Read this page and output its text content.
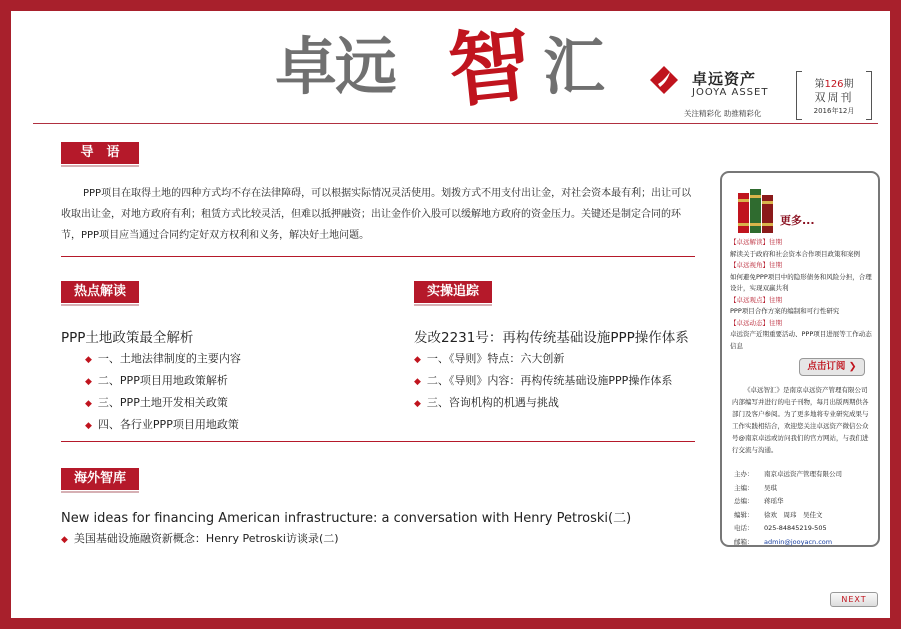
卓远 智 汇	卓远资产
JOOYA ASSET
关注精彩化 助推精彩化
第126期
双周刊
2016年12月
导　语

PPP项目在取得土地的四种方式均不存在法律障碍，可以根据实际情况灵活使用。划拨方式不用支付出让金，对社会资本最有利；出让可以收取出让金，对地方政府有利；租赁方式比较灵活，但难以抵押融资；出让金作价入股可以缓解地方政府的资金压力。关键还是制定合同的环节，PPP项目应当通过合同约定好双方权利和义务，解决好土地问题。

热点解读
PPP土地政策最全解析
◆ 一、土地法律制度的主要内容
◆ 二、PPP项目用地政策解析
◆ 三、PPP土地开发相关政策
◆ 四、各行业PPP项目用地政策
实操追踪
发改2231号：再构传统基础设施PPP操作体系
◆ 一、《导则》特点：六大创新
◆ 二、《导则》内容：再构传统基础设施PPP操作体系
◆ 三、咨询机构的机遇与挑战
海外智库
New ideas for financing American infrastructure: a conversation with Henry Petroski(二)
◆ 美国基础设施融资新概念：Henry Petroski访谈录(二)
更多...
【卓远解读】往期
解读关于政府和社会资本合作项目政策和案例
【卓远视角】往期
如何避免PPP项目中的隐形债务和风险分担，合理设计，实现双赢共利
【卓远观点】往期
PPP项目合作方案的编制和可行性研究
【卓远动态】往期
卓远资产近期重要活动、PPP项目进展等工作动态信息
点击订阅 ❯
《卓远智汇》是南京卓远资产管理有限公司内部编写并进行的电子刊物，每月出版两期供各部门及客户参阅。为了更多地将专业研究成果与工作实践相结合，欢迎您关注卓远资产微信公众号@南京卓远或访问我们的官方网站，与我们进行交流与沟通。
主办： 南京卓远资产管理有限公司
主编： 吴琪
总编： 蒋瑶华
编辑： 徐欢　周玮　吴佳文
电话： 025-84845219-505
邮箱： admin@jooyacn.com
NEXT
